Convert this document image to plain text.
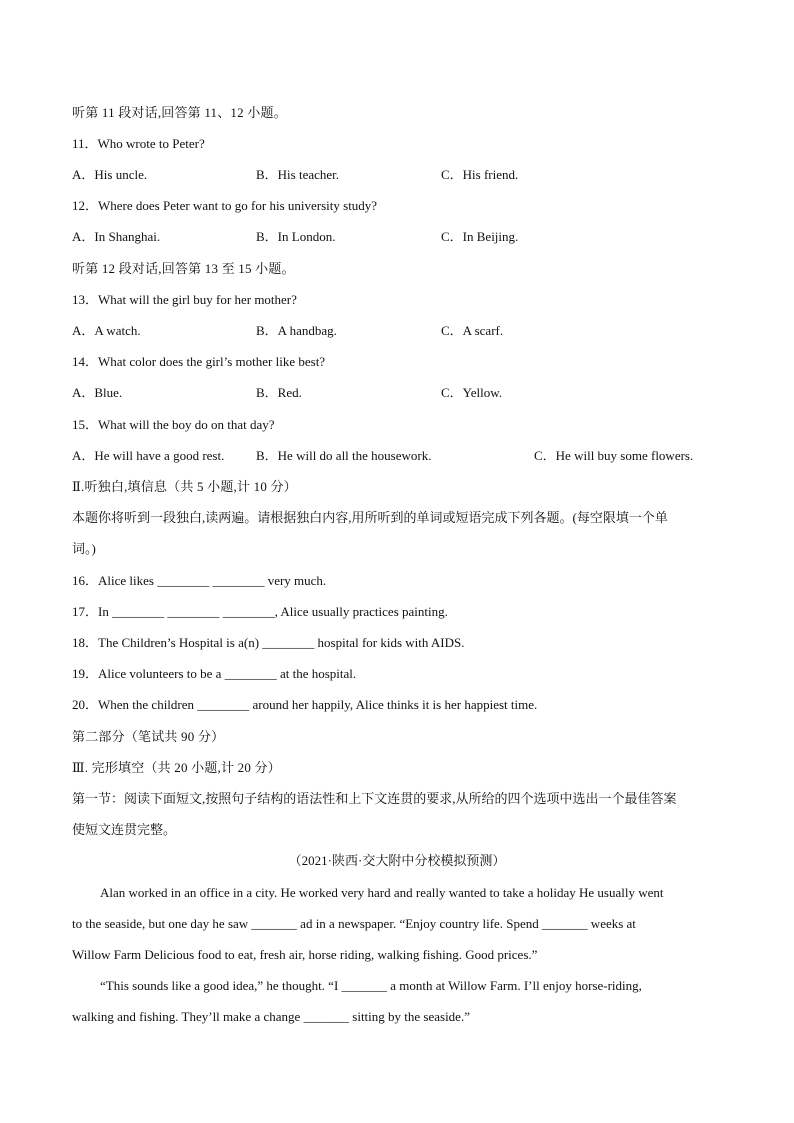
听第 11 段对话,回答第 11、12 小题。
11．Who wrote to Peter?
A．His uncle.	B．His teacher.	C．His friend.
12．Where does Peter want to go for his university study?
A．In Shanghai.	B．In London.	C．In Beijing.
听第 12 段对话,回答第 13 至 15 小题。
13．What will the girl buy for her mother?
A．A watch.	B．A handbag.	C．A scarf.
14．What color does the girl’s mother like best?
A．Blue.	B．Red.	C．Yellow.
15．What will the boy do on that day?
A．He will have a good rest. B．He will do all the housework.	C．He will buy some flowers.
Ⅱ.听独白,填信息（共 5 小题,计 10 分）
本题你将听到一段独白,读两遍。请根据独白内容,用所听到的单词或短语完成下列各题。(每空限填一个单
词。)
16．Alice likes ________ ________ very much.
17．In ________ ________ ________, Alice usually practices painting.
18．The Children’s Hospital is a(n) ________ hospital for kids with AIDS.
19．Alice volunteers to be a ________ at the hospital.
20．When the children ________ around her happily, Alice thinks it is her happiest time.
第二部分（笔试共 90 分）
Ⅲ. 完形填空（共 20 小题,计 20 分）
第一节：阅读下面短文,按照句子结构的语法性和上下文连贯的要求,从所给的四个选项中选出一个最佳答案
使短文连贯完整。
（2021·陕西·交大附中分校模拟预测）
Alan worked in an office in a city. He worked very hard and really wanted to take a holiday He usually went
to the seaside, but one day he saw _______ ad in a newspaper. “Enjoy country life. Spend _______ weeks at
Willow Farm Delicious food to eat, fresh air, horse riding, walking fishing. Good prices.”
“This sounds like a good idea,” he thought. “I _______ a month at Willow Farm. I’ll enjoy horse-riding,
walking and fishing. They’ll make a change _______ sitting by the seaside.”
